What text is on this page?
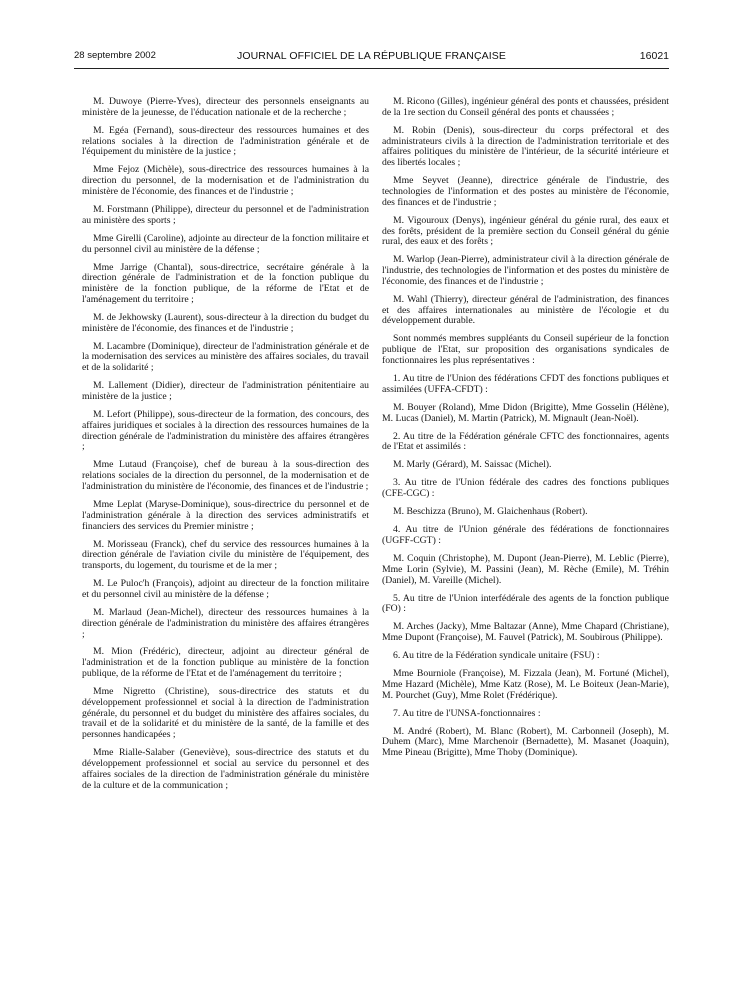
28 septembre 2002	JOURNAL OFFICIEL DE LA RÉPUBLIQUE FRANÇAISE	16021

M. Duwoye (Pierre-Yves), directeur des personnels enseignants au ministère de la jeunesse, de l'éducation nationale et de la recherche ;

M. Egéa (Fernand), sous-directeur des ressources humaines et des relations sociales à la direction de l'administration générale et de l'équipement du ministère de la justice ;

Mme Fejoz (Michèle), sous-directrice des ressources humaines à la direction du personnel, de la modernisation et de l'administration du ministère de l'économie, des finances et de l'industrie ;

M. Forstmann (Philippe), directeur du personnel et de l'administration au ministère des sports ;

Mme Girelli (Caroline), adjointe au directeur de la fonction militaire et du personnel civil au ministère de la défense ;

Mme Jarrige (Chantal), sous-directrice, secrétaire générale à la direction générale de l'administration et de la fonction publique du ministère de la fonction publique, de la réforme de l'Etat et de l'aménagement du territoire ;

M. de Jekhowsky (Laurent), sous-directeur à la direction du budget du ministère de l'économie, des finances et de l'industrie ;

M. Lacambre (Dominique), directeur de l'administration générale et de la modernisation des services au ministère des affaires sociales, du travail et de la solidarité ;

M. Lallement (Didier), directeur de l'administration pénitentiaire au ministère de la justice ;

M. Lefort (Philippe), sous-directeur de la formation, des concours, des affaires juridiques et sociales à la direction des ressources humaines de la direction générale de l'administration du ministère des affaires étrangères ;

Mme Lutaud (Françoise), chef de bureau à la sous-direction des relations sociales de la direction du personnel, de la modernisation et de l'administration du ministère de l'économie, des finances et de l'industrie ;

Mme Leplat (Maryse-Dominique), sous-directrice du personnel et de l'administration générale à la direction des services administratifs et financiers des services du Premier ministre ;

M. Morisseau (Franck), chef du service des ressources humaines à la direction générale de l'aviation civile du ministère de l'équipement, des transports, du logement, du tourisme et de la mer ;

M. Le Puloc'h (François), adjoint au directeur de la fonction militaire et du personnel civil au ministère de la défense ;

M. Marlaud (Jean-Michel), directeur des ressources humaines à la direction générale de l'administration du ministère des affaires étrangères ;

M. Mion (Frédéric), directeur, adjoint au directeur général de l'administration et de la fonction publique au ministère de la fonction publique, de la réforme de l'Etat et de l'aménagement du territoire ;

Mme Nigretto (Christine), sous-directrice des statuts et du développement professionnel et social à la direction de l'administration générale, du personnel et du budget du ministère des affaires sociales, du travail et de la solidarité et du ministère de la santé, de la famille et des personnes handicapées ;

Mme Rialle-Salaber (Geneviève), sous-directrice des statuts et du développement professionnel et social au service du personnel et des affaires sociales de la direction de l'administration générale du ministère de la culture et de la communication ;

M. Ricono (Gilles), ingénieur général des ponts et chaussées, président de la 1re section du Conseil général des ponts et chaussées ;

M. Robin (Denis), sous-directeur du corps préfectoral et des administrateurs civils à la direction de l'administration territoriale et des affaires politiques du ministère de l'intérieur, de la sécurité intérieure et des libertés locales ;

Mme Seyvet (Jeanne), directrice générale de l'industrie, des technologies de l'information et des postes au ministère de l'économie, des finances et de l'industrie ;

M. Vigouroux (Denys), ingénieur général du génie rural, des eaux et des forêts, président de la première section du Conseil général du génie rural, des eaux et des forêts ;

M. Warlop (Jean-Pierre), administrateur civil à la direction générale de l'industrie, des technologies de l'information et des postes du ministère de l'économie, des finances et de l'industrie ;

M. Wahl (Thierry), directeur général de l'administration, des finances et des affaires internationales au ministère de l'écologie et du développement durable.

Sont nommés membres suppléants du Conseil supérieur de la fonction publique de l'Etat, sur proposition des organisations syndicales de fonctionnaires les plus représentatives :

1. Au titre de l'Union des fédérations CFDT des fonctions publiques et assimilées (UFFA-CFDT) :

M. Bouyer (Roland), Mme Didon (Brigitte), Mme Gosselin (Hélène), M. Lucas (Daniel), M. Martin (Patrick), M. Mignault (Jean-Noël).

2. Au titre de la Fédération générale CFTC des fonctionnaires, agents de l'Etat et assimilés :

M. Marly (Gérard), M. Saissac (Michel).

3. Au titre de l'Union fédérale des cadres des fonctions publiques (CFE-CGC) :

M. Beschizza (Bruno), M. Glaichenhaus (Robert).

4. Au titre de l'Union générale des fédérations de fonctionnaires (UGFF-CGT) :

M. Coquin (Christophe), M. Dupont (Jean-Pierre), M. Leblic (Pierre), Mme Lorin (Sylvie), M. Passini (Jean), M. Rèche (Emile), M. Tréhin (Daniel), M. Vareille (Michel).

5. Au titre de l'Union interfédérale des agents de la fonction publique (FO) :

M. Arches (Jacky), Mme Baltazar (Anne), Mme Chapard (Christiane), Mme Dupont (Françoise), M. Fauvel (Patrick), M. Soubirous (Philippe).

6. Au titre de la Fédération syndicale unitaire (FSU) :

Mme Bourniole (Françoise), M. Fizzala (Jean), M. Fortuné (Michel), Mme Hazard (Michèle), Mme Katz (Rose), M. Le Boiteux (Jean-Marie), M. Pourchet (Guy), Mme Rolet (Frédérique).

7. Au titre de l'UNSA-fonctionnaires :

M. André (Robert), M. Blanc (Robert), M. Carbonneil (Joseph), M. Duhem (Marc), Mme Marchenoir (Bernadette), M. Masanet (Joaquin), Mme Pineau (Brigitte), Mme Thoby (Dominique).
